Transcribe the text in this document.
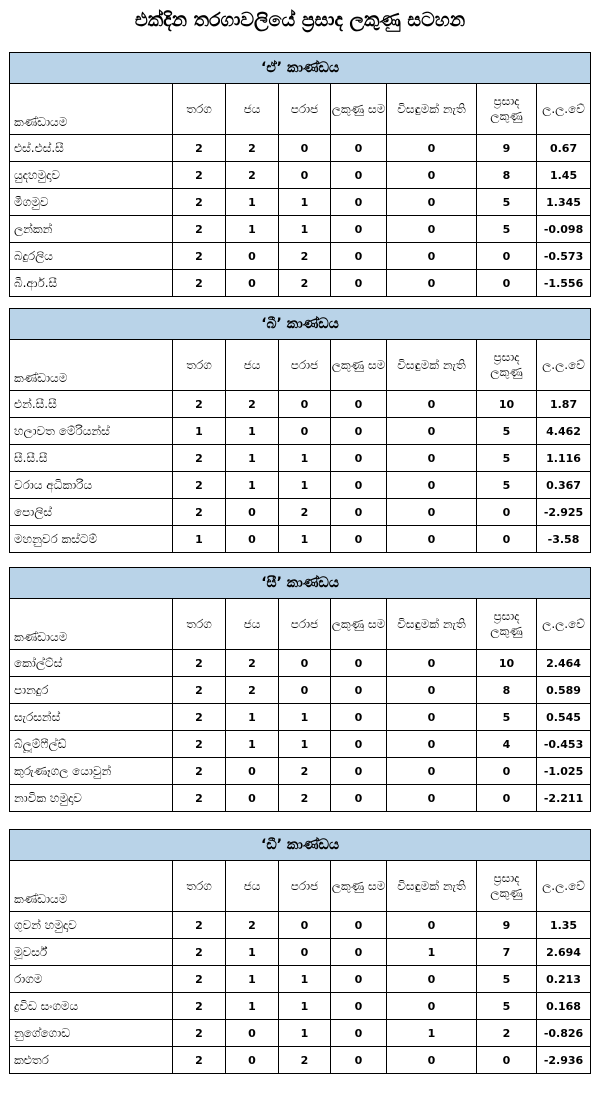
එක්දින තරගාවලියේ ප්‍රසාද ලකුණු සටහන
‘ඒ’ කාණ්ඩය							
කණ්ඩායම	තරග	ජය	පරාජ	ලකුණු සම	විසඳුමක් නැති	ප්‍රසාද ලකුණු	ල.ල.වේ
එස්.එස්.සී	2	2	0	0	0	9	0.67
යුදහමුදාව	2	2	0	0	0	8	1.45
මීගමුව	2	1	1	0	0	5	1.345
ලන්කන්	2	1	1	0	0	5	-0.098
බදුරලිය	2	0	2	0	0	0	-0.573
බී.ආර්.සී	2	0	2	0	0	0	-1.556
‘බී’ කාණ්ඩය							
කණ්ඩායම	තරග	ජය	පරාජ	ලකුණු සම	විසඳුමක් නැති	ප්‍රසාද ලකුණු	ල.ල.වේ
එන්.සී.සී	2	2	0	0	0	10	1.87
හලාවත මේරියන්ස්	1	1	0	0	0	5	4.462
සී.සී.සී	2	1	1	0	0	5	1.116
වරාය අධිකාරිය	2	1	1	0	0	5	0.367
පොලිස්	2	0	2	0	0	0	-2.925
මහනුවර කස්ටම්	1	0	1	0	0	0	-3.58
‘සී’ කාණ්ඩය							
කණ්ඩායම	තරග	ජය	පරාජ	ලකුණු සම	විසඳුමක් නැති	ප්‍රසාද ලකුණු	ල.ල.වේ
කෝල්ට්ස්	2	2	0	0	0	10	2.464
පානදුර	2	2	0	0	0	8	0.589
සැරසන්ස්	2	1	1	0	0	5	0.545
බ්ලූම්ෆීල්ඩ්	2	1	1	0	0	4	-0.453
කුරුණෑගල යොවුන්	2	0	2	0	0	0	-1.025
නාවික හමුදාව	2	0	2	0	0	0	-2.211
‘ඩී’ කාණ්ඩය							
කණ්ඩායම	තරග	ජය	පරාජ	ලකුණු සම	විසඳුමක් නැති	ප්‍රසාද ලකුණු	ල.ල.වේ
ගුවන් හමුදාව	2	2	0	0	0	9	1.35
මූවර්ස්	2	1	0	0	1	7	2.694
රාගම	2	1	1	0	0	5	0.213
ද්‍රවිඩ සංගමය	2	1	1	0	0	5	0.168
නුගේගොඩ	2	0	1	0	1	2	-0.826
කළුතර	2	0	2	0	0	0	-2.936
